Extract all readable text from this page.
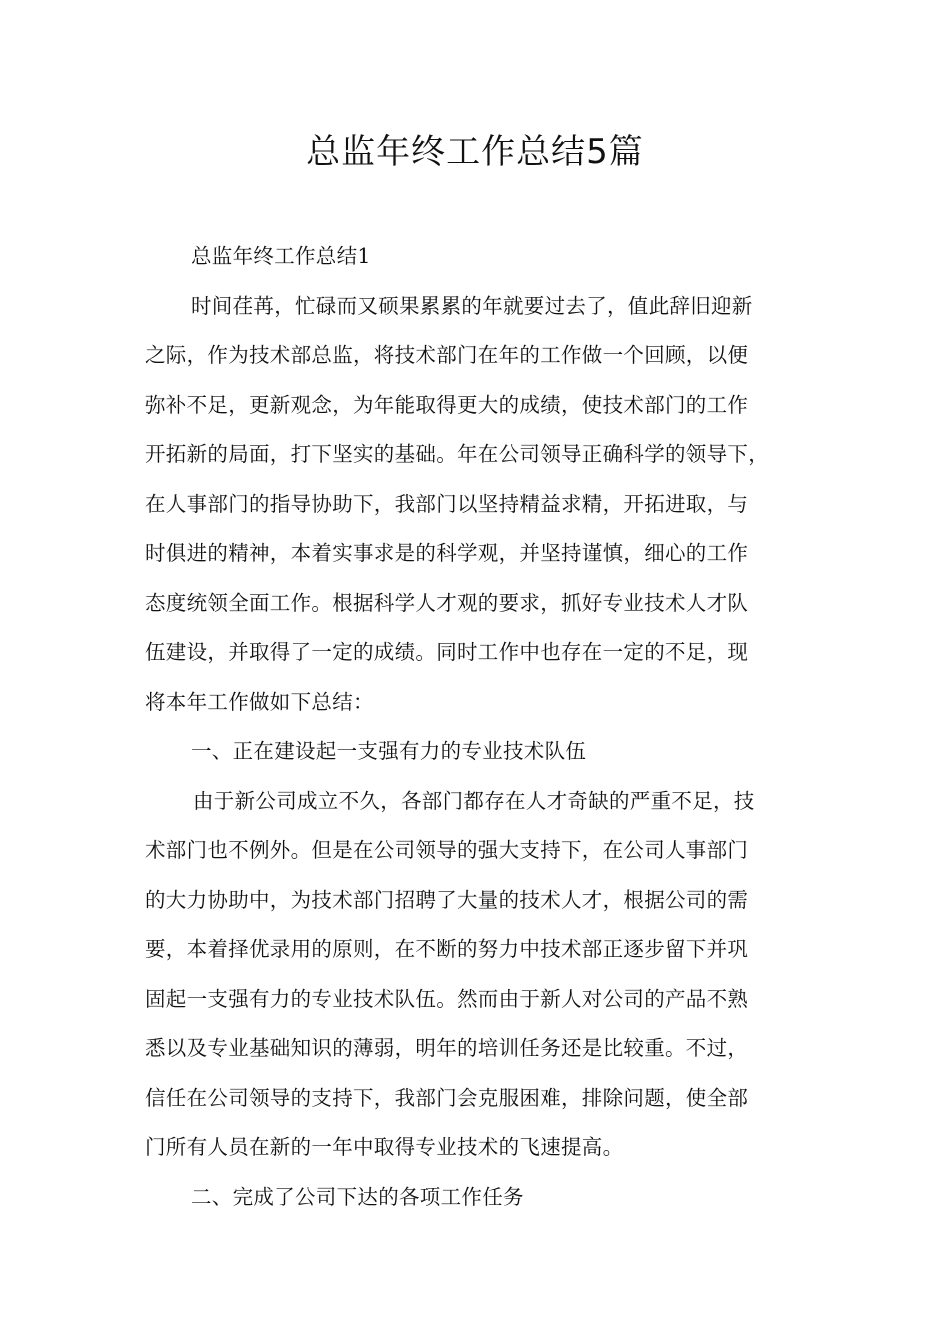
总监年终工作总结5篇
总监年终工作总结1
时间荏苒，忙碌而又硕果累累的年就要过去了，值此辞旧迎新
之际，作为技术部总监，将技术部门在年的工作做一个回顾，以便
弥补不足，更新观念，为年能取得更大的成绩，使技术部门的工作
开拓新的局面，打下坚实的基础。年在公司领导正确科学的领导下，
在人事部门的指导协助下，我部门以坚持精益求精，开拓进取，与
时俱进的精神，本着实事求是的科学观，并坚持谨慎，细心的工作
态度统领全面工作。根据科学人才观的要求，抓好专业技术人才队
伍建设，并取得了一定的成绩。同时工作中也存在一定的不足，现
将本年工作做如下总结：
一、正在建设起一支强有力的专业技术队伍
由于新公司成立不久，各部门都存在人才奇缺的严重不足，技
术部门也不例外。但是在公司领导的强大支持下，在公司人事部门
的大力协助中，为技术部门招聘了大量的技术人才，根据公司的需
要，本着择优录用的原则，在不断的努力中技术部正逐步留下并巩
固起一支强有力的专业技术队伍。然而由于新人对公司的产品不熟
悉以及专业基础知识的薄弱，明年的培训任务还是比较重。不过，
信任在公司领导的支持下，我部门会克服困难，排除问题，使全部
门所有人员在新的一年中取得专业技术的飞速提高。
二、完成了公司下达的各项工作任务
